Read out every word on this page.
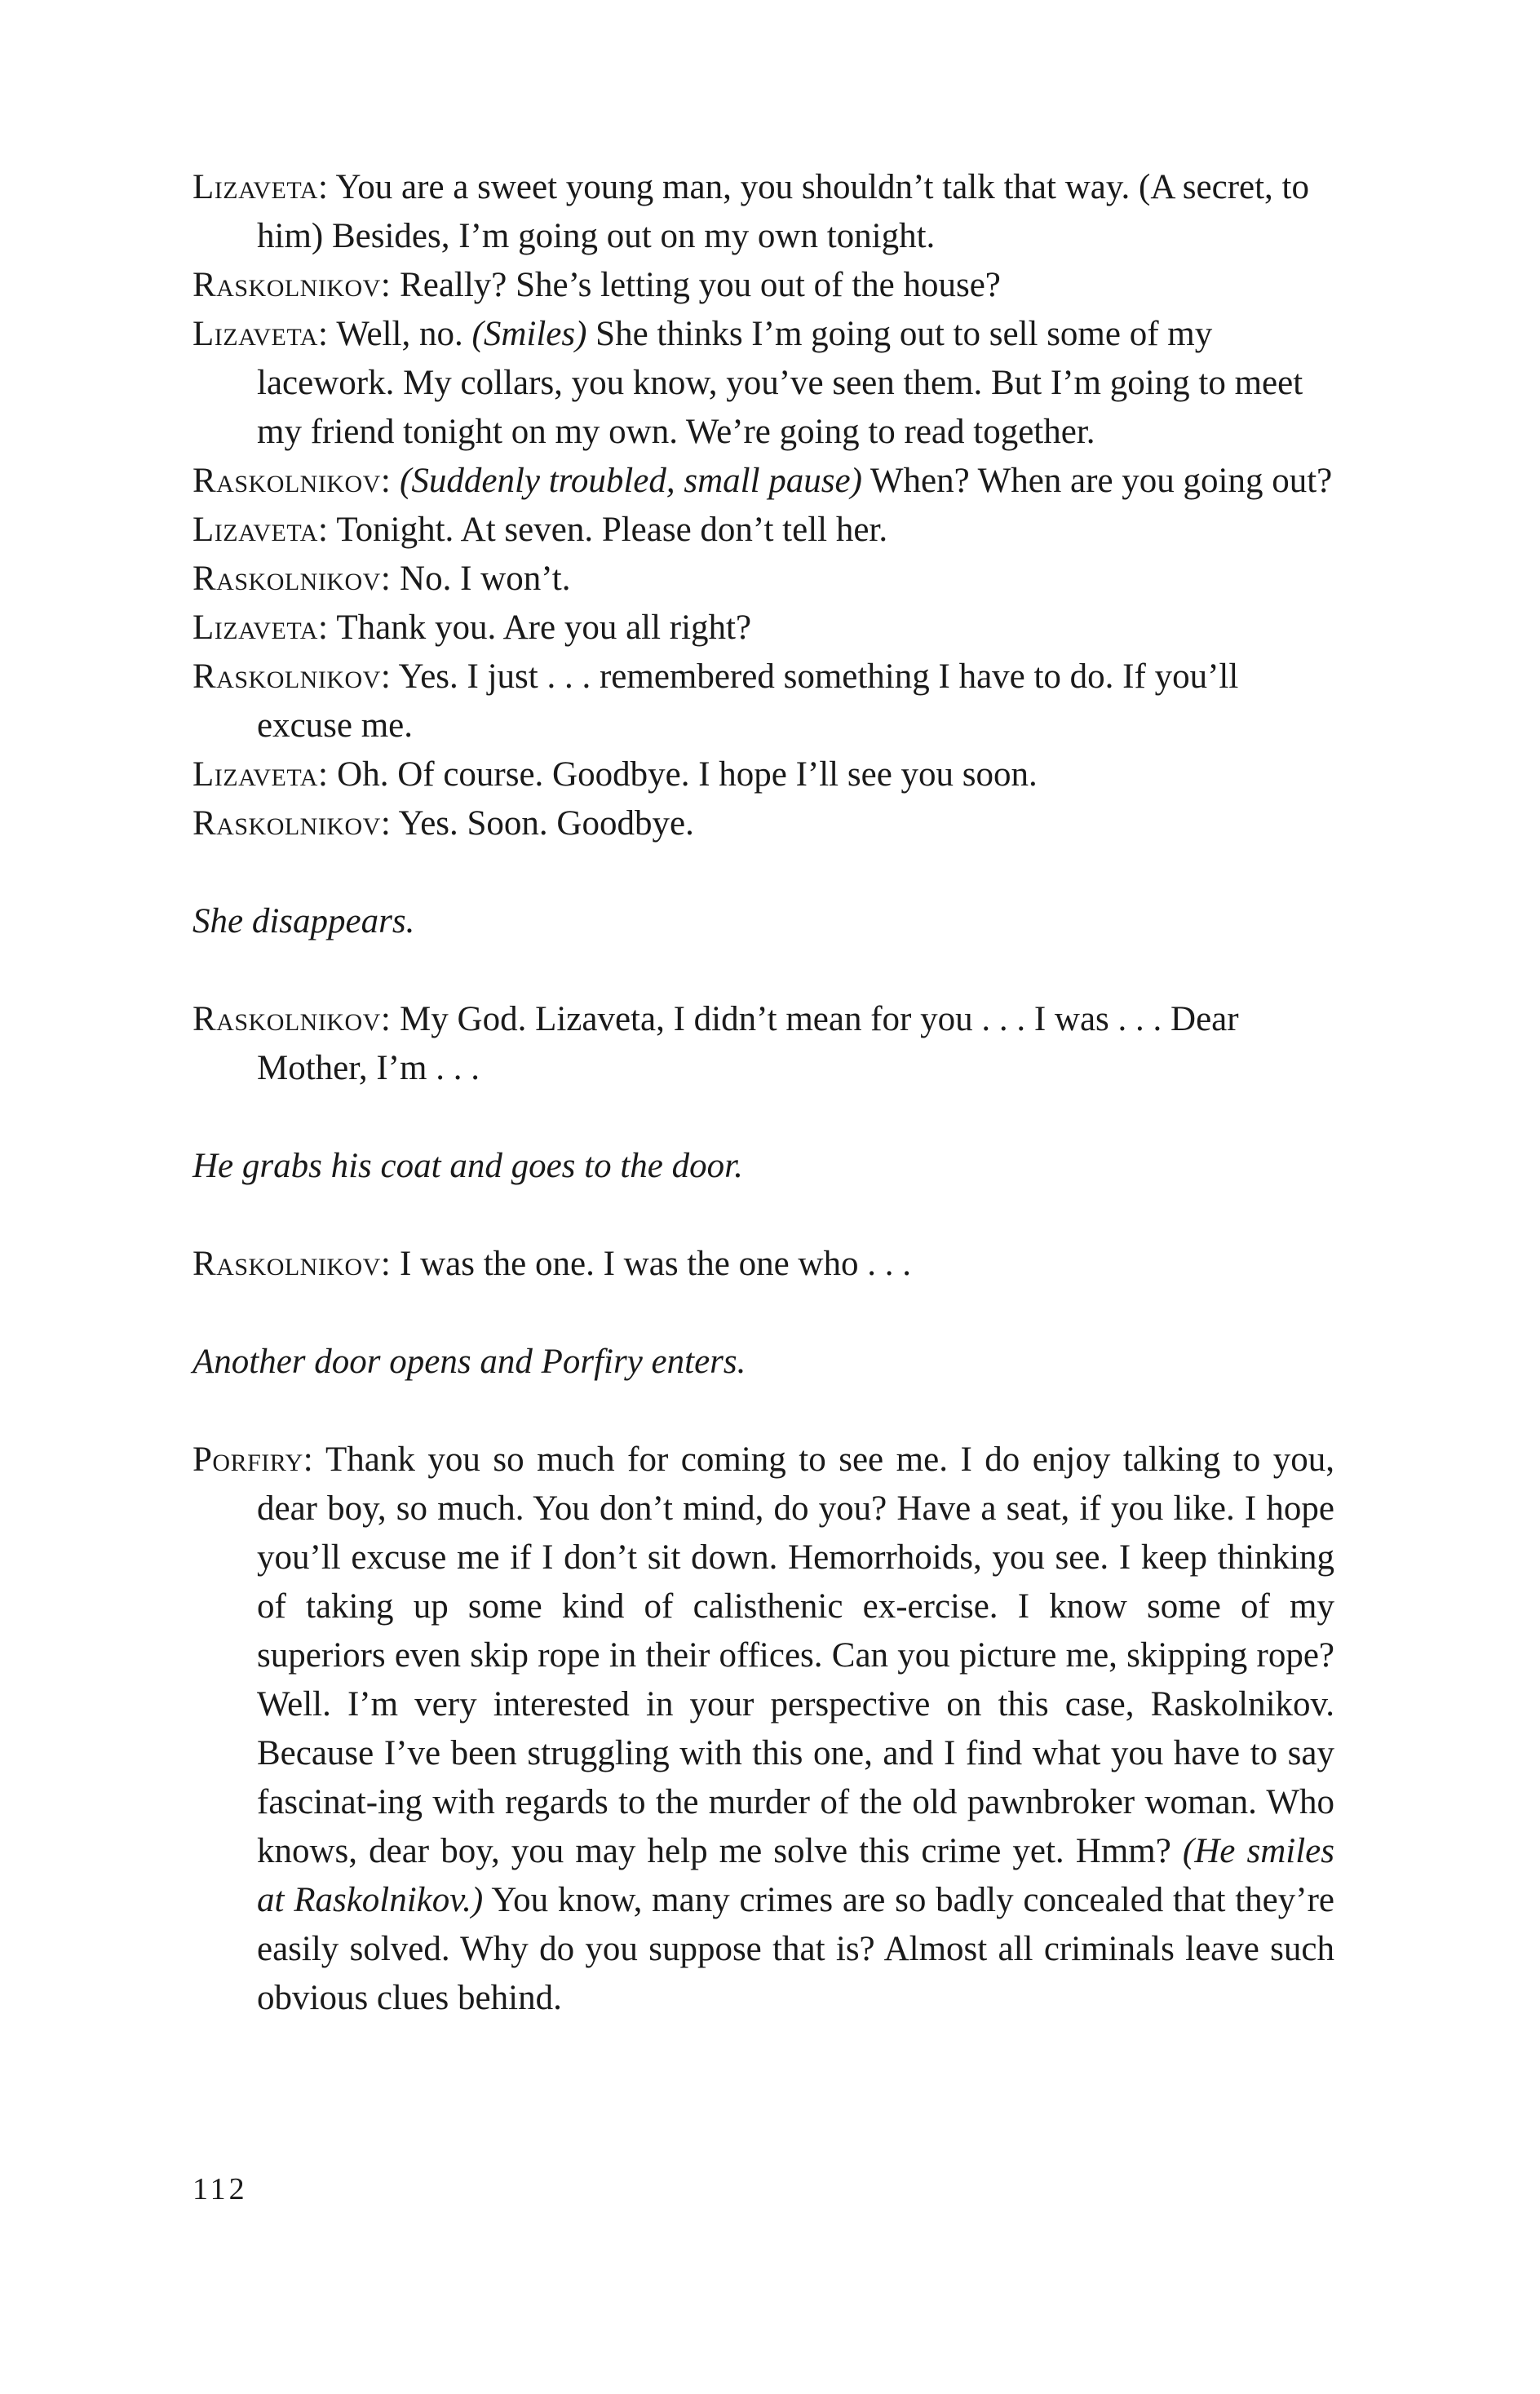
Lizaveta: You are a sweet young man, you shouldn’t talk that way. (A secret, to him) Besides, I’m going out on my own tonight.

Raskolnikov: Really? She’s letting you out of the house?

Lizaveta: Well, no. (Smiles) She thinks I’m going out to sell some of my lacework. My collars, you know, you’ve seen them. But I’m going to meet my friend tonight on my own. We’re going to read together.

Raskolnikov: (Suddenly troubled, small pause) When? When are you going out?

Lizaveta: Tonight. At seven. Please don’t tell her.

Raskolnikov: No. I won’t.

Lizaveta: Thank you. Are you all right?

Raskolnikov: Yes. I just . . . remembered something I have to do. If you’ll excuse me.

Lizaveta: Oh. Of course. Goodbye. I hope I’ll see you soon.

Raskolnikov: Yes. Soon. Goodbye.

She disappears.

Raskolnikov: My God. Lizaveta, I didn’t mean for you . . . I was . . . Dear Mother, I’m . . .

He grabs his coat and goes to the door.

Raskolnikov: I was the one. I was the one who . . .

Another door opens and Porfiry enters.

Porfiry: Thank you so much for coming to see me. I do enjoy talking to you, dear boy, so much. You don’t mind, do you? Have a seat, if you like. I hope you’ll excuse me if I don’t sit down. Hemorrhoids, you see. I keep thinking of taking up some kind of calisthenic ex-ercise. I know some of my superiors even skip rope in their offices. Can you picture me, skipping rope? Well. I’m very interested in your perspective on this case, Raskolnikov. Because I’ve been struggling with this one, and I find what you have to say fascinat-ing with regards to the murder of the old pawnbroker woman. Who knows, dear boy, you may help me solve this crime yet. Hmm? (He smiles at Raskolnikov.) You know, many crimes are so badly concealed that they’re easily solved. Why do you suppose that is? Almost all criminals leave such obvious clues behind.

112
